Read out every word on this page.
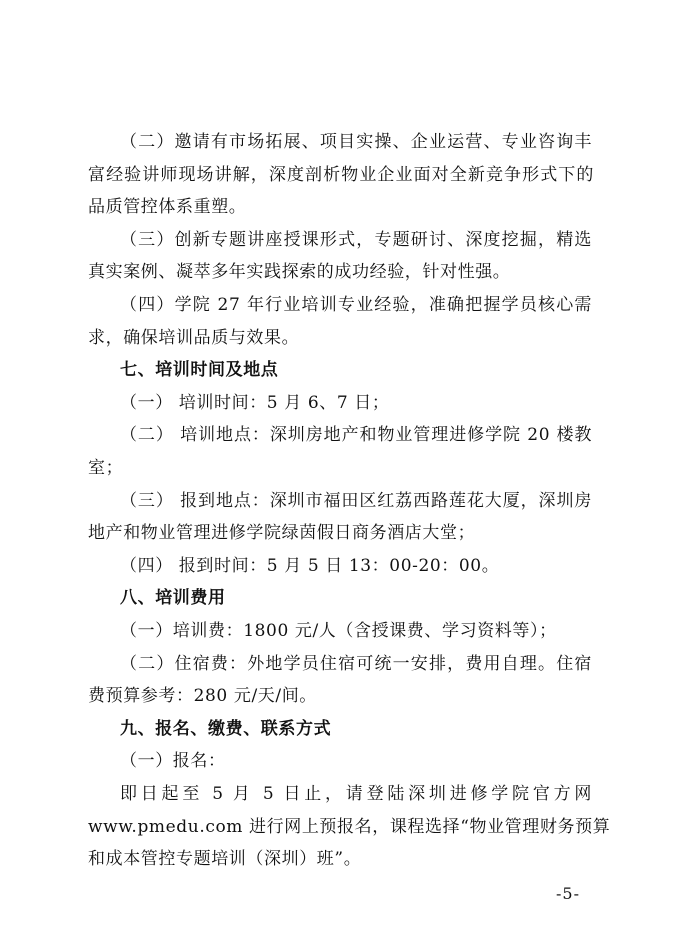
（二）邀请有市场拓展、项目实操、企业运营、专业咨询丰
富经验讲师现场讲解，深度剖析物业企业面对全新竞争形式下的
品质管控体系重塑。
（三）创新专题讲座授课形式，专题研讨、深度挖掘，精选
真实案例、凝萃多年实践探索的成功经验，针对性强。
（四）学院 27 年行业培训专业经验，准确把握学员核心需
求，确保培训品质与效果。
七、培训时间及地点
（一） 培训时间：5 月 6、7 日；
（二） 培训地点：深圳房地产和物业管理进修学院 20 楼教
室；
（三） 报到地点：深圳市福田区红荔西路莲花大厦，深圳房
地产和物业管理进修学院绿茵假日商务酒店大堂；
（四） 报到时间：5 月 5 日 13：00-20：00。
八、培训费用
（一）培训费：1800 元/人（含授课费、学习资料等）；
（二）住宿费：外地学员住宿可统一安排，费用自理。住宿
费预算参考：280 元/天/间。
九、报名、缴费、联系方式
（一）报名：
即日起至 5 月 5 日止，请登陆深圳进修学院官方网
www.pmedu.com 进行网上预报名，课程选择“物业管理财务预算
和成本管控专题培训（深圳）班”。
-5-
